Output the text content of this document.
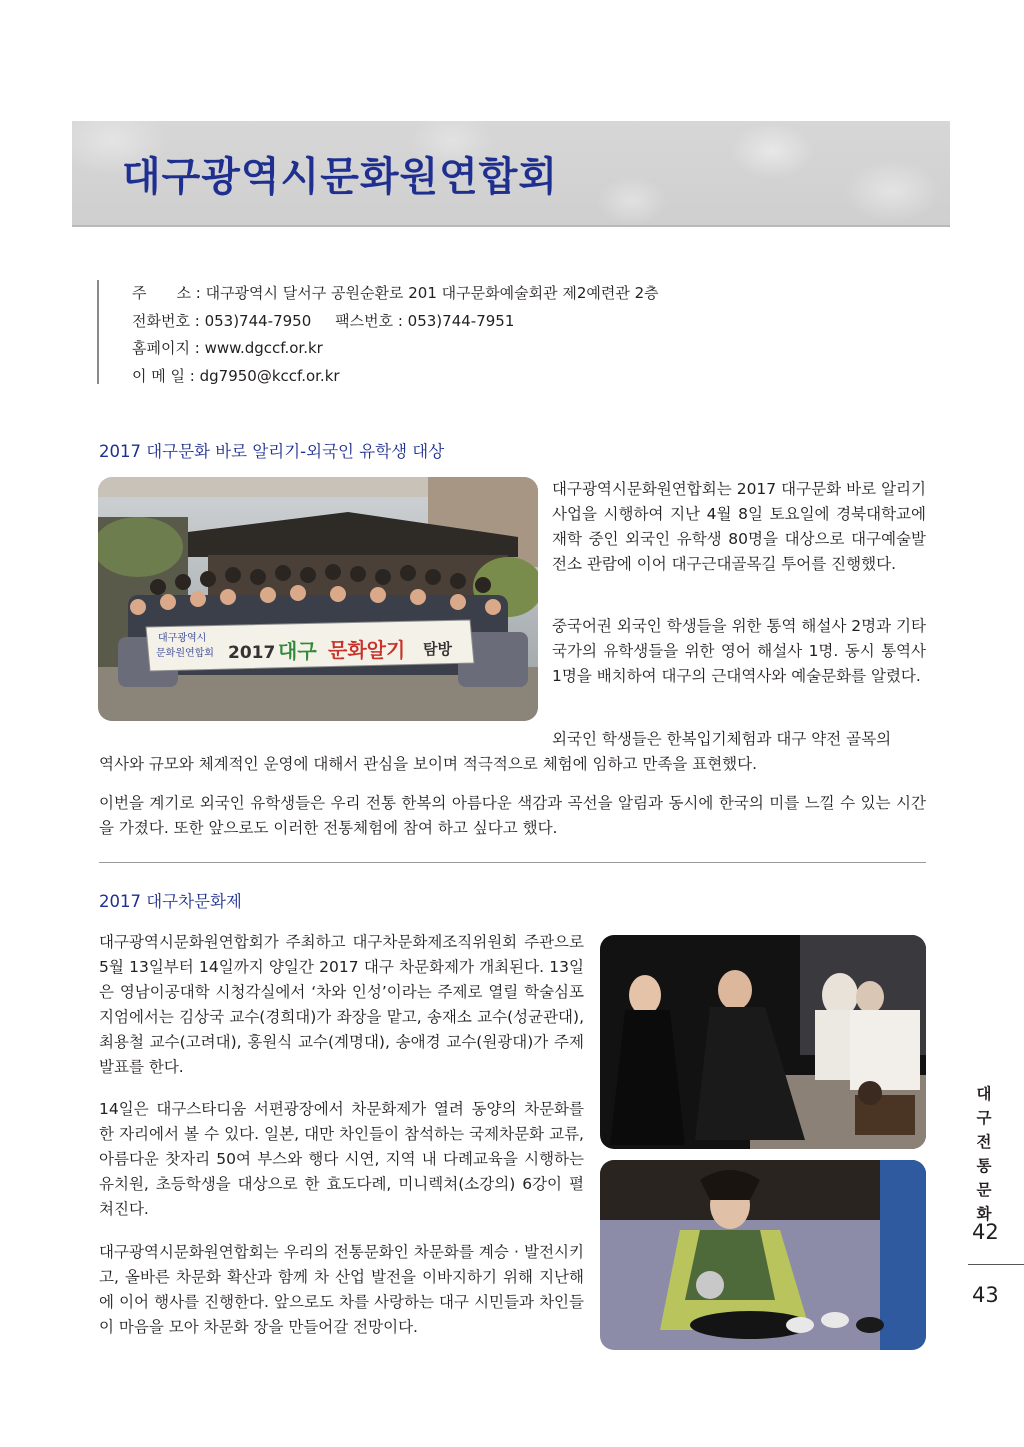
대구광역시문화원연합회
주　　소 : 대구광역시 달서구 공원순환로 201 대구문화예술회관 제2예련관 2층
전화번호 : 053)744-7950 팩스번호 : 053)744-7951
홈페이지 : www.dgccf.or.kr
이 메 일 : dg7950@kccf.or.kr
2017 대구문화 바로 알리기-외국인 유학생 대상
대구광역시
문화원연합회 2017 대구 문화알기 탐방

대구광역시문화원연합회는 2017 대구문화 바로 알리기 사업을 시행하여 지난 4월 8일 토요일에 경북대학교에 재학 중인 외국인 유학생 80명을 대상으로 대구예술발전소 관람에 이어 대구근대골목길 투어를 진행했다.

중국어권 외국인 학생들을 위한 통역 해설사 2명과 기타 국가의 유학생들을 위한 영어 해설사 1명. 동시 통역사 1명을 배치하여 대구의 근대역사와 예술문화를 알렸다.

외국인 학생들은 한복입기체험과 대구 약전 골목의

역사와 규모와 체계적인 운영에 대해서 관심을 보이며 적극적으로 체험에 임하고 만족을 표현했다.

이번을 계기로 외국인 유학생들은 우리 전통 한복의 아름다운 색감과 곡선을 알림과 동시에 한국의 미를 느낄 수 있는 시간을 가졌다. 또한 앞으로도 이러한 전통체험에 참여 하고 싶다고 했다.

2017 대구차문화제

대구광역시문화원연합회가 주최하고 대구차문화제조직위원회 주관으로 5월 13일부터 14일까지 양일간 2017 대구 차문화제가 개최된다. 13일은 영남이공대학 시청각실에서 ‘차와 인성’이라는 주제로 열릴 학술심포지엄에서는 김상국 교수(경희대)가 좌장을 맡고, 송재소 교수(성균관대), 최용철 교수(고려대), 홍원식 교수(계명대), 송애경 교수(원광대)가 주제발표를 한다.

14일은 대구스타디움 서편광장에서 차문화제가 열려 동양의 차문화를 한 자리에서 볼 수 있다. 일본, 대만 차인들이 참석하는 국제차문화 교류, 아름다운 찻자리 50여 부스와 행다 시연, 지역 내 다례교육을 시행하는 유치원, 초등학생을 대상으로 한 효도다례, 미니렉쳐(소강의) 6강이 펼쳐진다.

대구광역시문화원연합회는 우리의 전통문화인 차문화를 계승 · 발전시키고, 올바른 차문화 확산과 함께 차 산업 발전을 이바지하기 위해 지난해에 이어 행사를 진행한다. 앞으로도 차를 사랑하는 대구 시민들과 차인들이 마음을 모아 차문화 장을 만들어갈 전망이다.

대
구
전
통
문
화
42
43
